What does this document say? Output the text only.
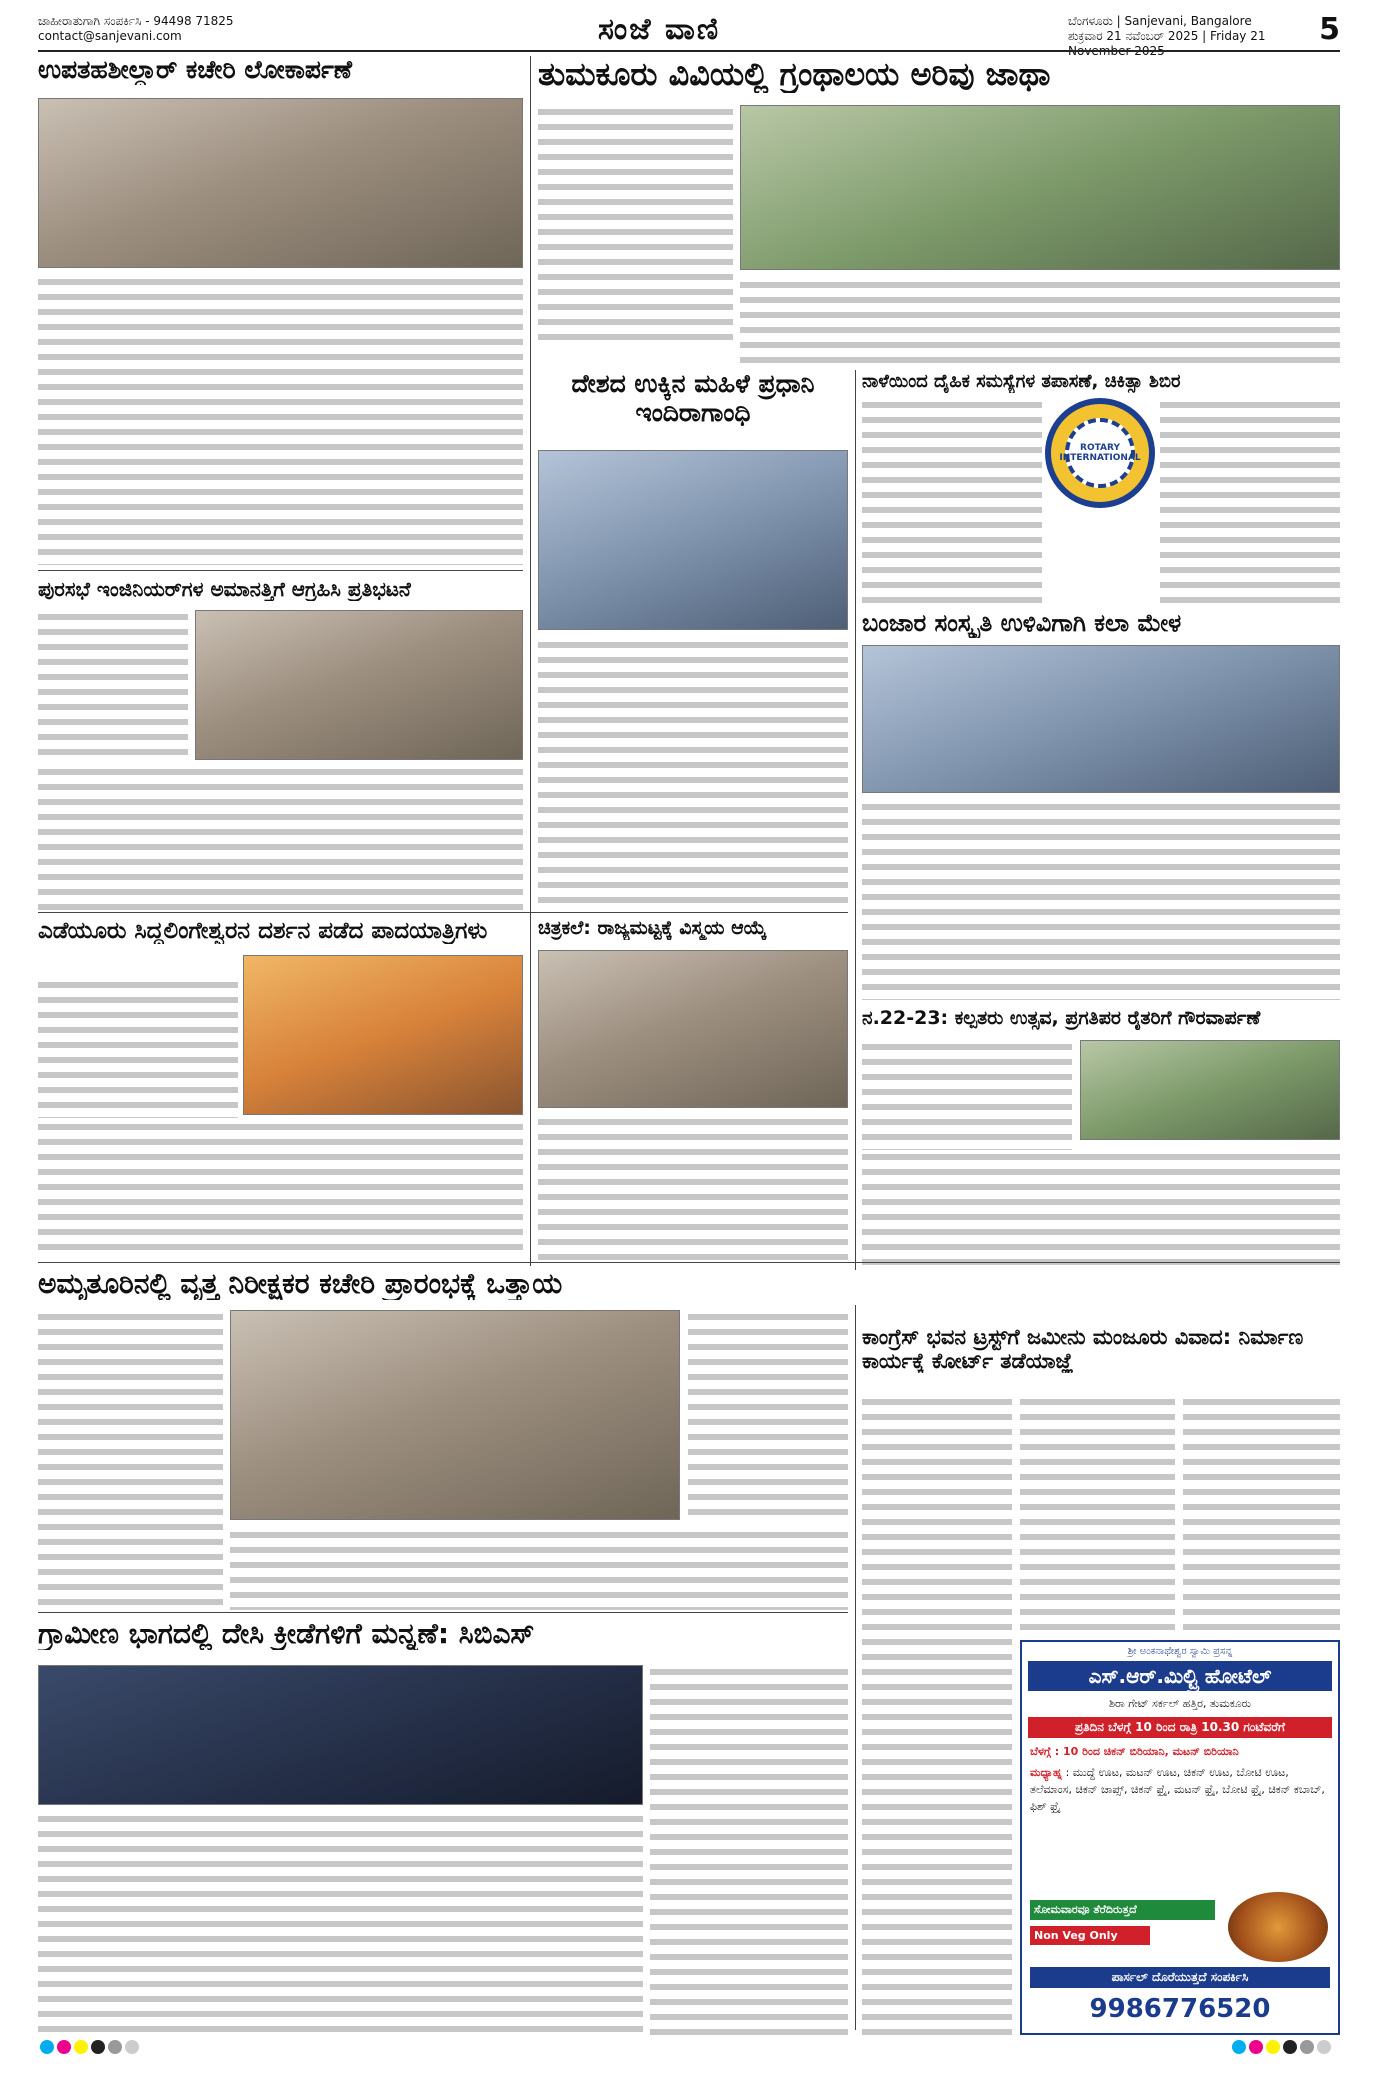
ಜಾಹೀರಾತುಗಾಗಿ ಸಂಪರ್ಕಿಸಿ - 94498 71825
contact@sanjevani.com	ಸಂಜೆ ವಾಣಿ	ಬೆಂಗಳೂರು | Sanjevani, Bangalore
ಶುಕ್ರವಾರ 21 ನವೆಂಬರ್ 2025 | Friday 21	5
ಉಪತಹಶೀಲ್ದಾರ್ ಕಚೇರಿ ಲೋಕಾರ್ಪಣೆ	ತುಮಕೂರು ವಿವಿಯಲ್ಲಿ ಗ್ರಂಥಾಲಯ ಅರಿವು ಜಾಥಾ
ದೇಶದ ಉಕ್ಕಿನ ಮಹಿಳೆ ಪ್ರಧಾನಿ ಇಂದಿರಾಗಾಂಧಿ
ನಾಳೆಯಿಂದ ದೈಹಿಕ ಸಮಸ್ಯೆಗಳ ತಪಾಸಣೆ, ಚಿಕಿತ್ಸಾ ಶಿಬಿರ
ROTARY INTERNATIONAL
ಪುರಸಭೆ ಇಂಜಿನಿಯರ್‌ಗಳ ಅಮಾನತ್ತಿಗೆ ಆಗ್ರಹಿಸಿ ಪ್ರತಿಭಟನೆ
ಬಂಜಾರ ಸಂಸ್ಕೃತಿ ಉಳಿವಿಗಾಗಿ ಕಲಾ ಮೇಳ
ಎಡೆಯೂರು ಸಿದ್ದಲಿಂಗೇಶ್ವರನ ದರ್ಶನ ಪಡೆದ ಪಾದಯಾತ್ರಿಗಳು	ಚಿತ್ರಕಲೆ: ರಾಜ್ಯಮಟ್ಟಕ್ಕೆ ವಿಸ್ಮಯ ಆಯ್ಕೆ
ನ.22-23: ಕಲ್ಪತರು ಉತ್ಸವ, ಪ್ರಗತಿಪರ ರೈತರಿಗೆ ಗೌರವಾರ್ಪಣೆ
ಅಮೃತೂರಿನಲ್ಲಿ ವೃತ್ತ ನಿರೀಕ್ಷಕರ ಕಚೇರಿ ಪ್ರಾರಂಭಕ್ಕೆ ಒತ್ತಾಯ
ಕಾಂಗ್ರೆಸ್ ಭವನ ಟ್ರಸ್ಟ್‌ಗೆ ಜಮೀನು ಮಂಜೂರು ವಿವಾದ: ನಿರ್ಮಾಣ ಕಾರ್ಯಕ್ಕೆ ಕೋರ್ಟ್ ತಡೆಯಾಜ್ಞೆ
ಗ್ರಾಮೀಣ ಭಾಗದಲ್ಲಿ ದೇಸಿ ಕ್ರೀಡೆಗಳಿಗೆ ಮನ್ನಣೆ: ಸಿಬಿಎಸ್
ಶ್ರೀ ಅಂಕನಾಥೇಶ್ವರ ಸ್ವಾಮಿ ಪ್ರಸನ್ನ
ಎಸ್.ಆರ್.ಮಿಲ್ಟ್ರಿ ಹೋಟೆಲ್
ಶಿರಾ ಗೇಟ್ ಸರ್ಕಲ್ ಹತ್ತಿರ, ತುಮಕೂರು
ಪ್ರತಿದಿನ ಬೆಳಗ್ಗೆ 10 ರಿಂದ ರಾತ್ರಿ 10.30 ಗಂಟೆವರೆಗೆ
ಬೆಳಗ್ಗೆ : 10 ರಿಂದ ಚಿಕನ್ ಬಿರಿಯಾನಿ, ಮಟನ್ ಬಿರಿಯಾನಿ
ಮಧ್ಯಾಹ್ನ : ಮುದ್ದೆ ಊಟ, ಮಟನ್ ಊಟ, ಚಿಕನ್ ಊಟ, ಬೋಟಿ ಊಟ, ತಲೆಮಾಂಸ, ಚಿಕನ್ ಚಾಪ್ಸ್, ಚಿಕನ್ ಫ್ರೈ, ಮಟನ್ ಫ್ರೈ, ಬೋಟಿ ಫ್ರೈ, ಚಿಕನ್ ಕಬಾಬ್, ಫಿಶ್ ಫ್ರೈ
ಸೋಮವಾರವೂ ತೆರೆದಿರುತ್ತದೆ
Non Veg Only
ಪಾರ್ಸಲ್ ದೊರೆಯುತ್ತದೆ ಸಂಪರ್ಕಿಸಿ
9986776520
